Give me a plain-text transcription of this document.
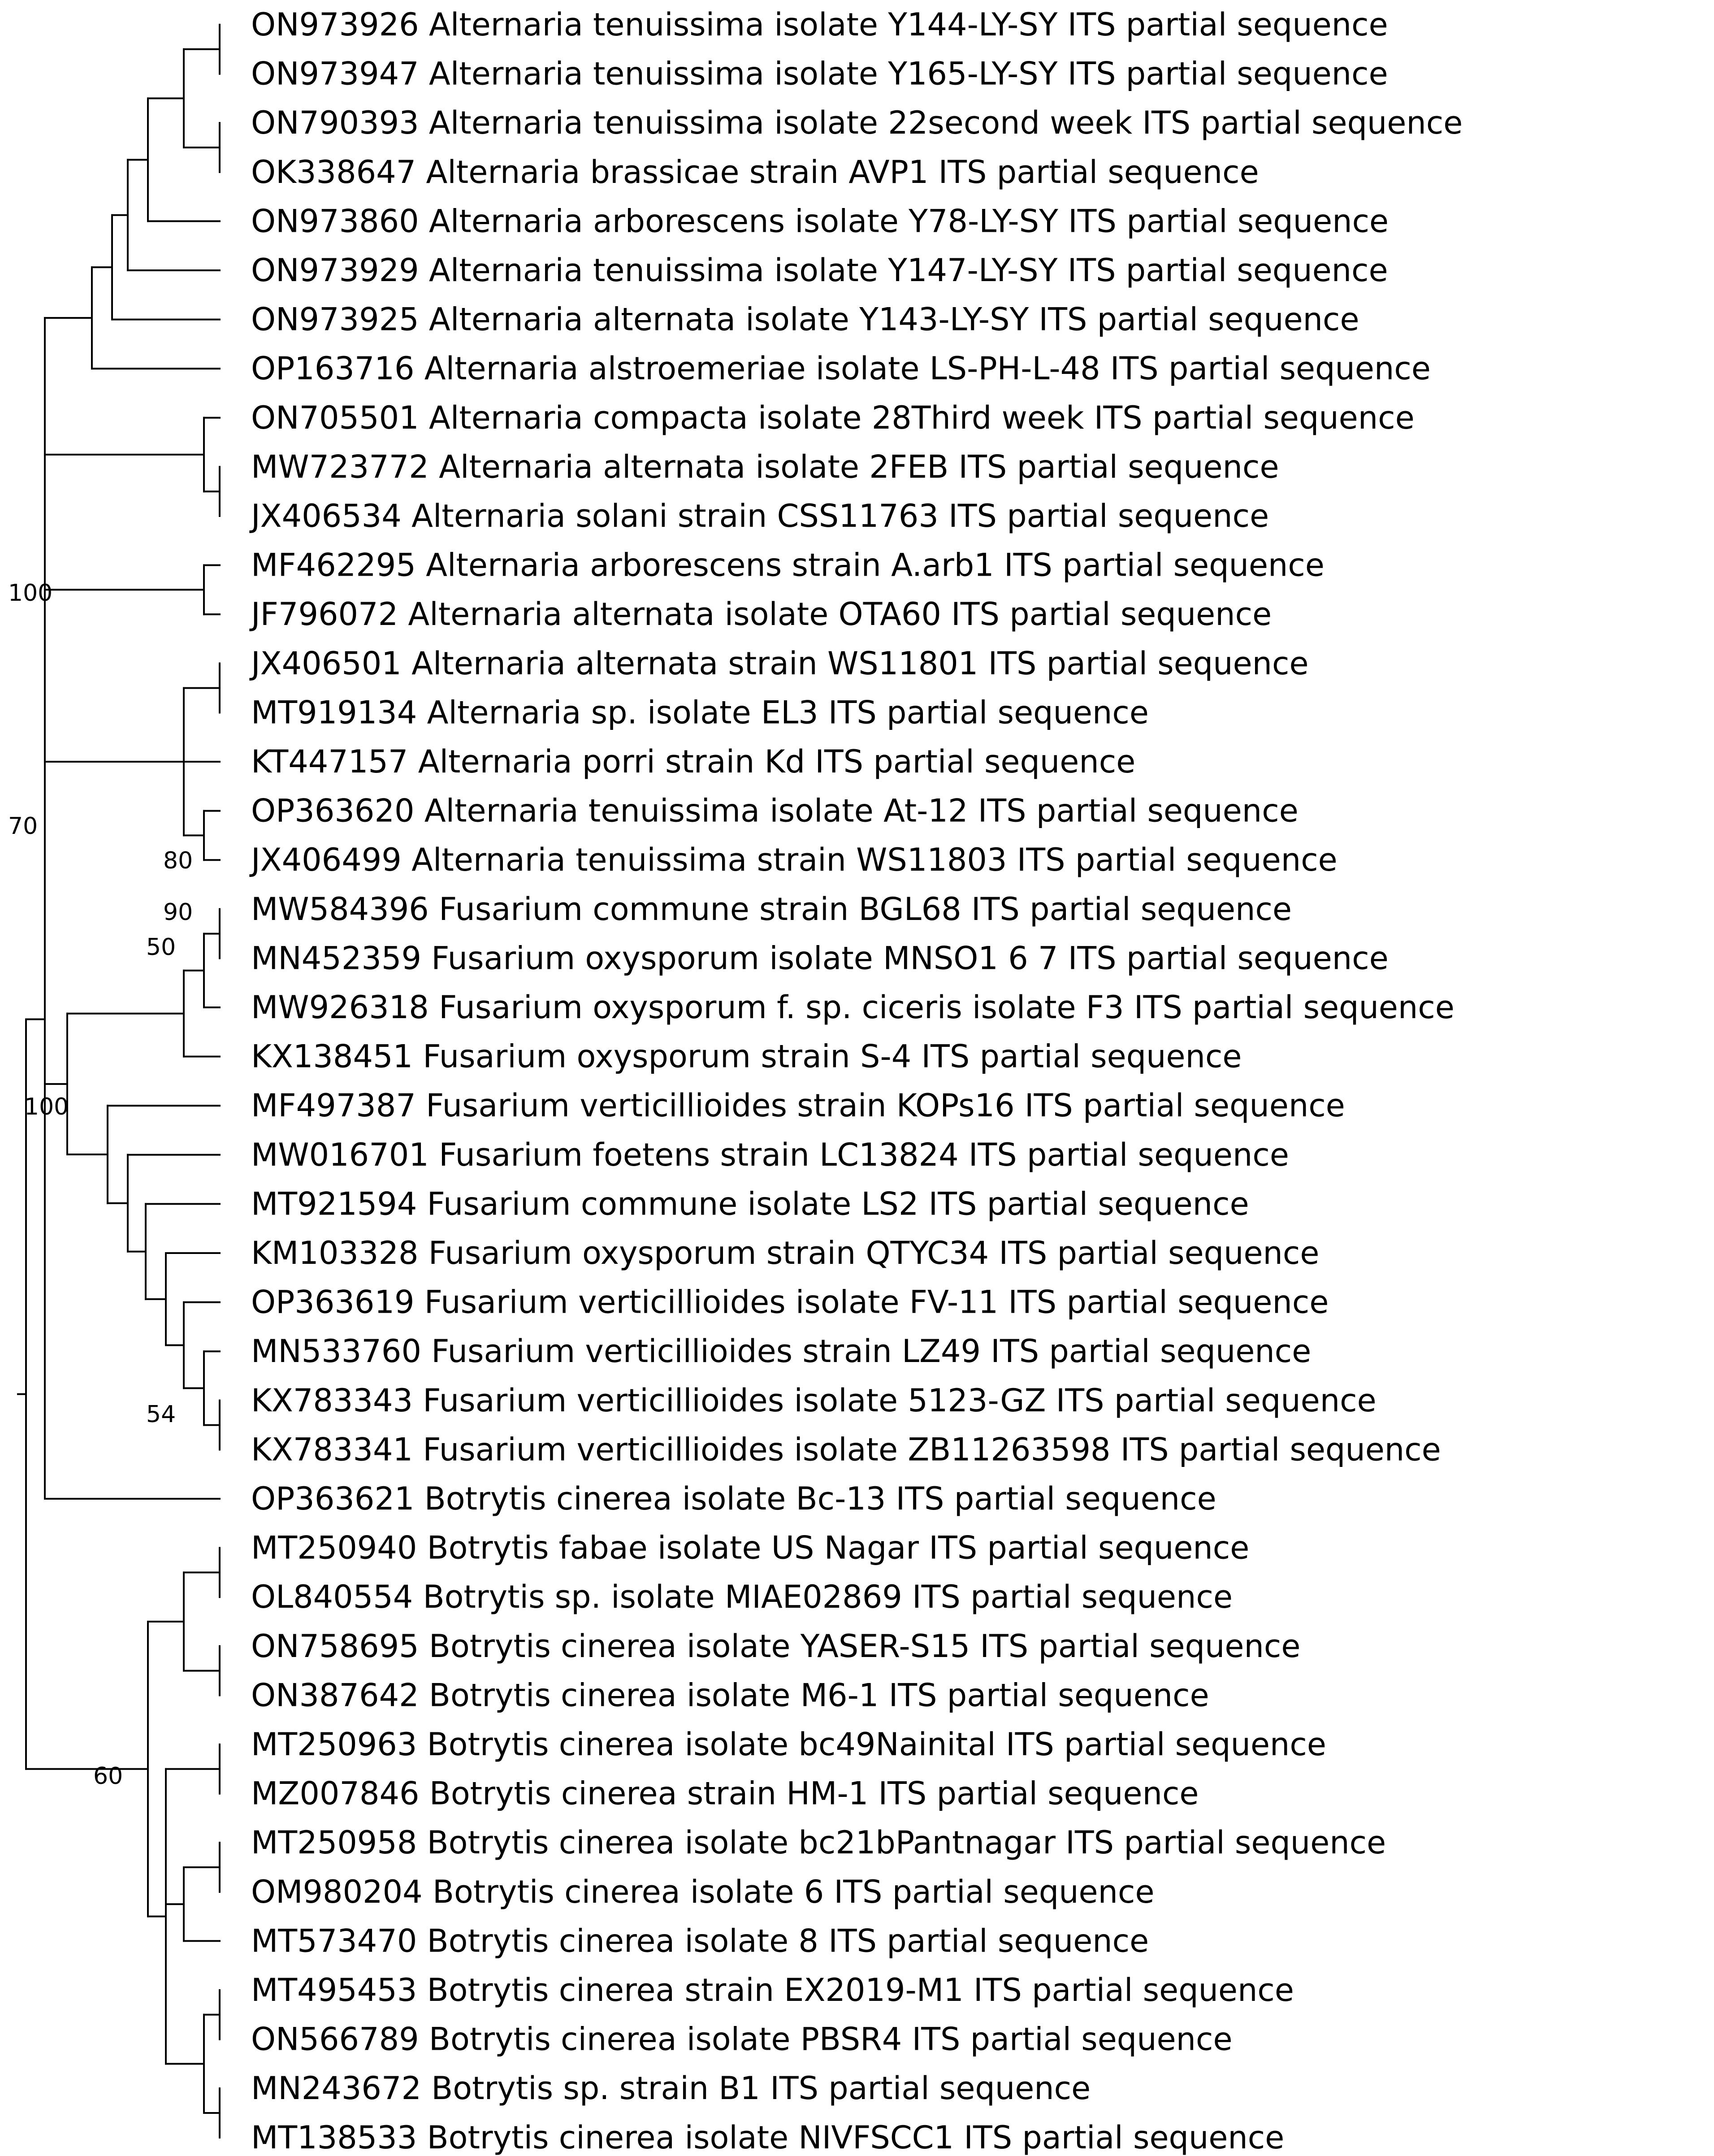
100
70
80
90
50
100
54
60
ON973926 Alternaria tenuissima isolate Y144-LY-SY ITS partial sequence
ON973947 Alternaria tenuissima isolate Y165-LY-SY ITS partial sequence
ON790393 Alternaria tenuissima isolate 22second week ITS partial sequence
OK338647 Alternaria brassicae strain AVP1 ITS partial sequence
ON973860 Alternaria arborescens isolate Y78-LY-SY ITS partial sequence
ON973929 Alternaria tenuissima isolate Y147-LY-SY ITS partial sequence
ON973925 Alternaria alternata isolate Y143-LY-SY ITS partial sequence
OP163716 Alternaria alstroemeriae isolate LS-PH-L-48 ITS partial sequence
ON705501 Alternaria compacta isolate 28Third week ITS partial sequence
MW723772 Alternaria alternata isolate 2FEB ITS partial sequence
JX406534 Alternaria solani strain CSS11763 ITS partial sequence
MF462295 Alternaria arborescens strain A.arb1 ITS partial sequence
JF796072 Alternaria alternata isolate OTA60 ITS partial sequence
JX406501 Alternaria alternata strain WS11801 ITS partial sequence
MT919134 Alternaria sp. isolate EL3 ITS partial sequence
KT447157 Alternaria porri strain Kd ITS partial sequence
OP363620 Alternaria tenuissima isolate At-12 ITS partial sequence
JX406499 Alternaria tenuissima strain WS11803 ITS partial sequence
MW584396 Fusarium commune strain BGL68 ITS partial sequence
MN452359 Fusarium oxysporum isolate MNSO1 6 7 ITS partial sequence
MW926318 Fusarium oxysporum f. sp. ciceris isolate F3 ITS partial sequence
KX138451 Fusarium oxysporum strain S-4 ITS partial sequence
MF497387 Fusarium verticillioides strain KOPs16 ITS partial sequence
MW016701 Fusarium foetens strain LC13824 ITS partial sequence
MT921594 Fusarium commune isolate LS2 ITS partial sequence
KM103328 Fusarium oxysporum strain QTYC34 ITS partial sequence
OP363619 Fusarium verticillioides isolate FV-11 ITS partial sequence
MN533760 Fusarium verticillioides strain LZ49 ITS partial sequence
KX783343 Fusarium verticillioides isolate 5123-GZ ITS partial sequence
KX783341 Fusarium verticillioides isolate ZB11263598 ITS partial sequence
OP363621 Botrytis cinerea isolate Bc-13 ITS partial sequence
MT250940 Botrytis fabae isolate US Nagar ITS partial sequence
OL840554 Botrytis sp. isolate MIAE02869 ITS partial sequence
ON758695 Botrytis cinerea isolate YASER-S15 ITS partial sequence
ON387642 Botrytis cinerea isolate M6-1 ITS partial sequence
MT250963 Botrytis cinerea isolate bc49Nainital ITS partial sequence
MZ007846 Botrytis cinerea strain HM-1 ITS partial sequence
MT250958 Botrytis cinerea isolate bc21bPantnagar ITS partial sequence
OM980204 Botrytis cinerea isolate 6 ITS partial sequence
MT573470 Botrytis cinerea isolate 8 ITS partial sequence
MT495453 Botrytis cinerea strain EX2019-M1 ITS partial sequence
ON566789 Botrytis cinerea isolate PBSR4 ITS partial sequence
MN243672 Botrytis sp. strain B1 ITS partial sequence
MT138533 Botrytis cinerea isolate NIVFSCC1 ITS partial sequence
